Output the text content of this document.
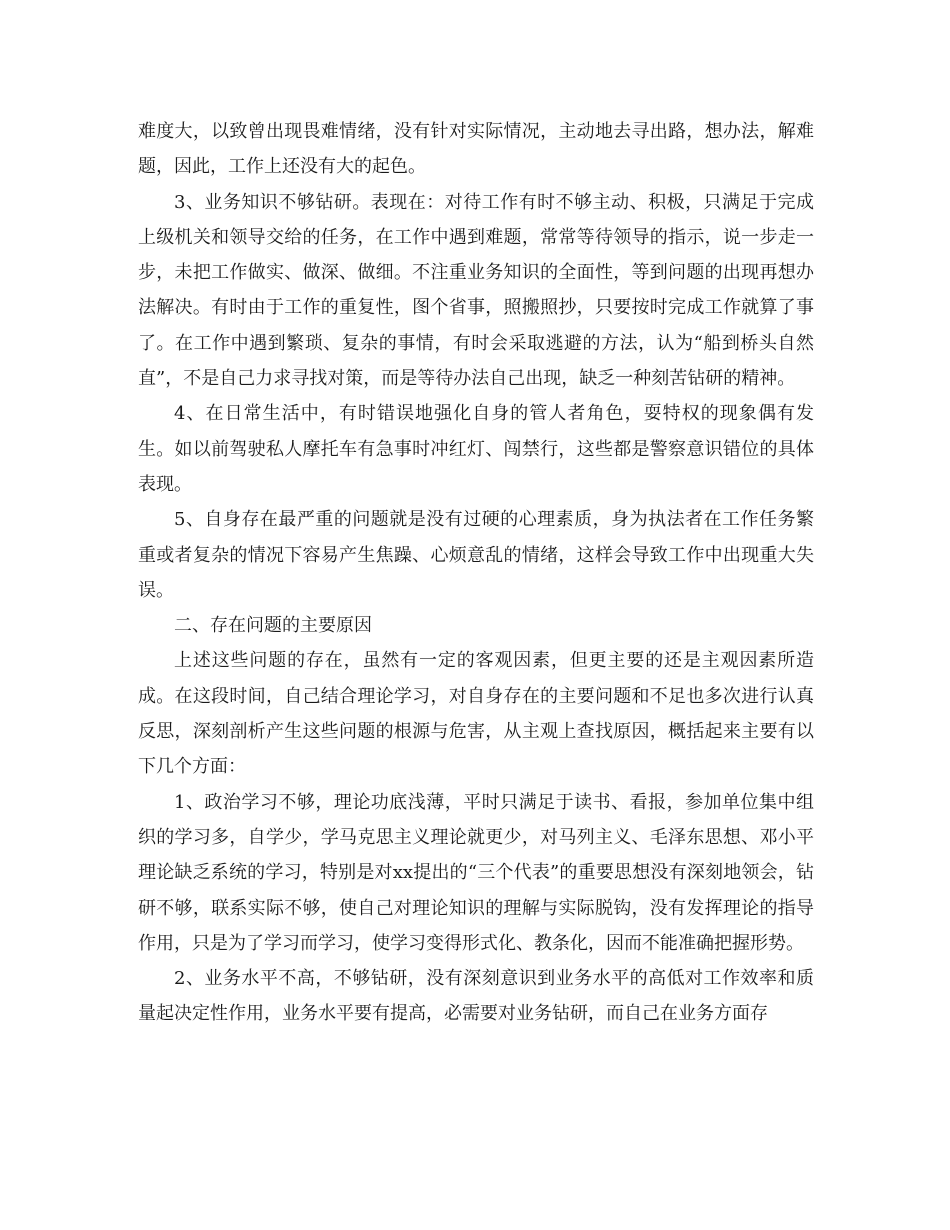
难度大，以致曾出现畏难情绪，没有针对实际情况，主动地去寻出路，想办法，解难题，因此，工作上还没有大的起色。

3、业务知识不够钻研。表现在：对待工作有时不够主动、积极，只满足于完成上级机关和领导交给的任务，在工作中遇到难题，常常等待领导的指示，说一步走一步，未把工作做实、做深、做细。不注重业务知识的全面性，等到问题的出现再想办法解决。有时由于工作的重复性，图个省事，照搬照抄，只要按时完成工作就算了事了。在工作中遇到繁琐、复杂的事情，有时会采取逃避的方法，认为“船到桥头自然直”，不是自己力求寻找对策，而是等待办法自己出现，缺乏一种刻苦钻研的精神。

4、在日常生活中，有时错误地强化自身的管人者角色，耍特权的现象偶有发生。如以前驾驶私人摩托车有急事时冲红灯、闯禁行，这些都是警察意识错位的具体表现。

5、自身存在最严重的问题就是没有过硬的心理素质，身为执法者在工作任务繁重或者复杂的情况下容易产生焦躁、心烦意乱的情绪，这样会导致工作中出现重大失误。

二、存在问题的主要原因

上述这些问题的存在，虽然有一定的客观因素，但更主要的还是主观因素所造成。在这段时间，自己结合理论学习，对自身存在的主要问题和不足也多次进行认真反思，深刻剖析产生这些问题的根源与危害，从主观上查找原因，概括起来主要有以下几个方面：

1、政治学习不够，理论功底浅薄，平时只满足于读书、看报，参加单位集中组织的学习多，自学少，学马克思主义理论就更少，对马列主义、毛泽东思想、邓小平理论缺乏系统的学习，特别是对xx提出的“三个代表”的重要思想没有深刻地领会，钻研不够，联系实际不够，使自己对理论知识的理解与实际脱钩，没有发挥理论的指导作用，只是为了学习而学习，使学习变得形式化、教条化，因而不能准确把握形势。

2、业务水平不高，不够钻研，没有深刻意识到业务水平的高低对工作效率和质量起决定性作用，业务水平要有提高，必需要对业务钻研，而自己在业务方面存
